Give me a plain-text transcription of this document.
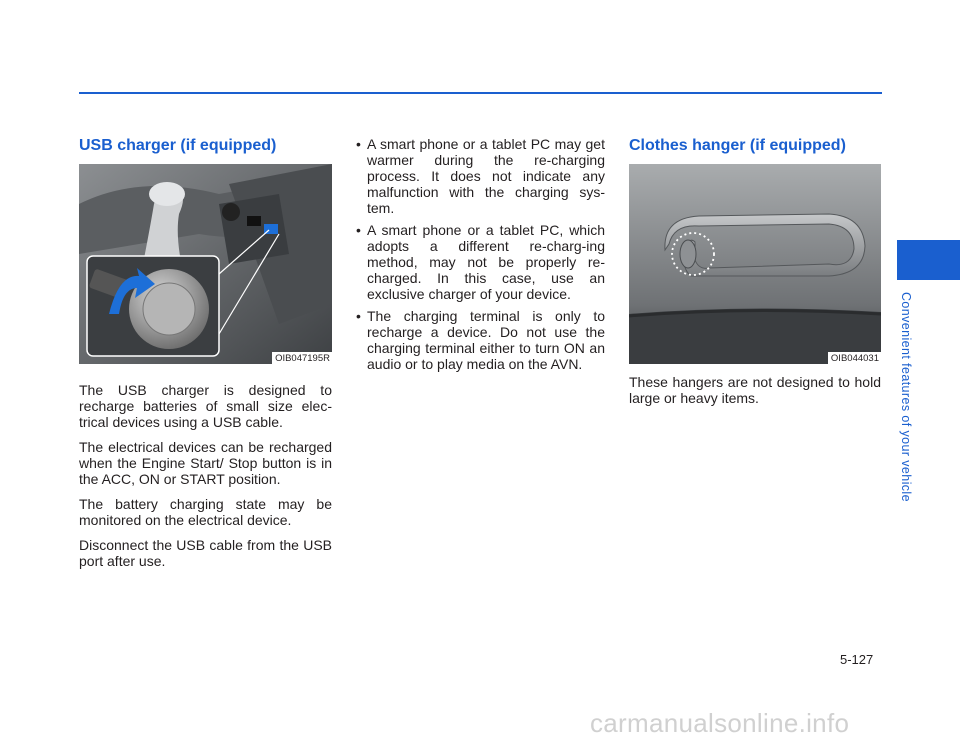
Convenient features of your vehicle
USB charger (if equipped)
OIB047195R

The USB charger is designed to recharge batteries of small size elec-trical devices using a USB cable.

The electrical devices can be recharged when the Engine Start/ Stop button is in the ACC, ON or START position.

The battery charging state may be monitored on the electrical device.

Disconnect the USB cable from the USB port after use.

• A smart phone or a tablet PC may get warmer during the re-charging process. It does not indicate any malfunction with the charging sys-tem.
• A smart phone or a tablet PC, which adopts a different re-charg-ing method, may not be properly re-charged. In this case, use an exclusive charger of your device.
• The charging terminal is only to recharge a device. Do not use the charging terminal either to turn ON an audio or to play media on the AVN.
Clothes hanger (if equipped)
OIB044031

These hangers are not designed to hold large or heavy items.

5-127
carmanualsonline.info
